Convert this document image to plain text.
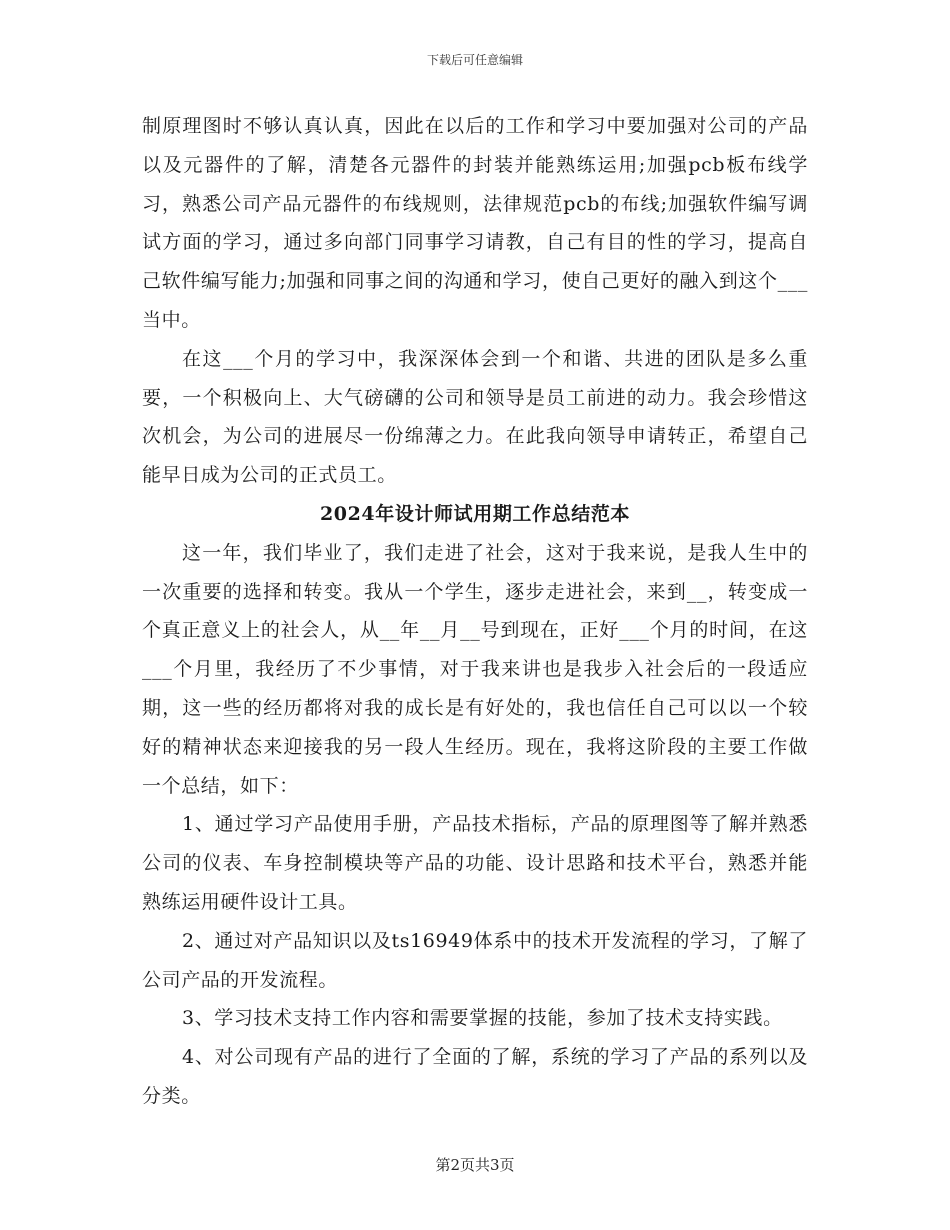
下载后可任意编辑

制原理图时不够认真认真，因此在以后的工作和学习中要加强对公司的产品以及元器件的了解，清楚各元器件的封装并能熟练运用;加强pcb板布线学习，熟悉公司产品元器件的布线规则，法律规范pcb的布线;加强软件编写调试方面的学习，通过多向部门同事学习请教，自己有目的性的学习，提高自己软件编写能力;加强和同事之间的沟通和学习，使自己更好的融入到这个___当中。

在这___个月的学习中，我深深体会到一个和谐、共进的团队是多么重要，一个积极向上、大气磅礴的公司和领导是员工前进的动力。我会珍惜这次机会，为公司的进展尽一份绵薄之力。在此我向领导申请转正，希望自己能早日成为公司的正式员工。

2024年设计师试用期工作总结范本

这一年，我们毕业了，我们走进了社会，这对于我来说，是我人生中的一次重要的选择和转变。我从一个学生，逐步走进社会，来到__，转变成一个真正意义上的社会人，从__年__月__号到现在，正好___个月的时间，在这___个月里，我经历了不少事情，对于我来讲也是我步入社会后的一段适应期，这一些的经历都将对我的成长是有好处的，我也信任自己可以以一个较好的精神状态来迎接我的另一段人生经历。现在，我将这阶段的主要工作做一个总结，如下：

1、通过学习产品使用手册，产品技术指标，产品的原理图等了解并熟悉公司的仪表、车身控制模块等产品的功能、设计思路和技术平台，熟悉并能熟练运用硬件设计工具。

2、通过对产品知识以及ts16949体系中的技术开发流程的学习，了解了公司产品的开发流程。

3、学习技术支持工作内容和需要掌握的技能，参加了技术支持实践。

4、对公司现有产品的进行了全面的了解，系统的学习了产品的系列以及分类。

第2页共3页
